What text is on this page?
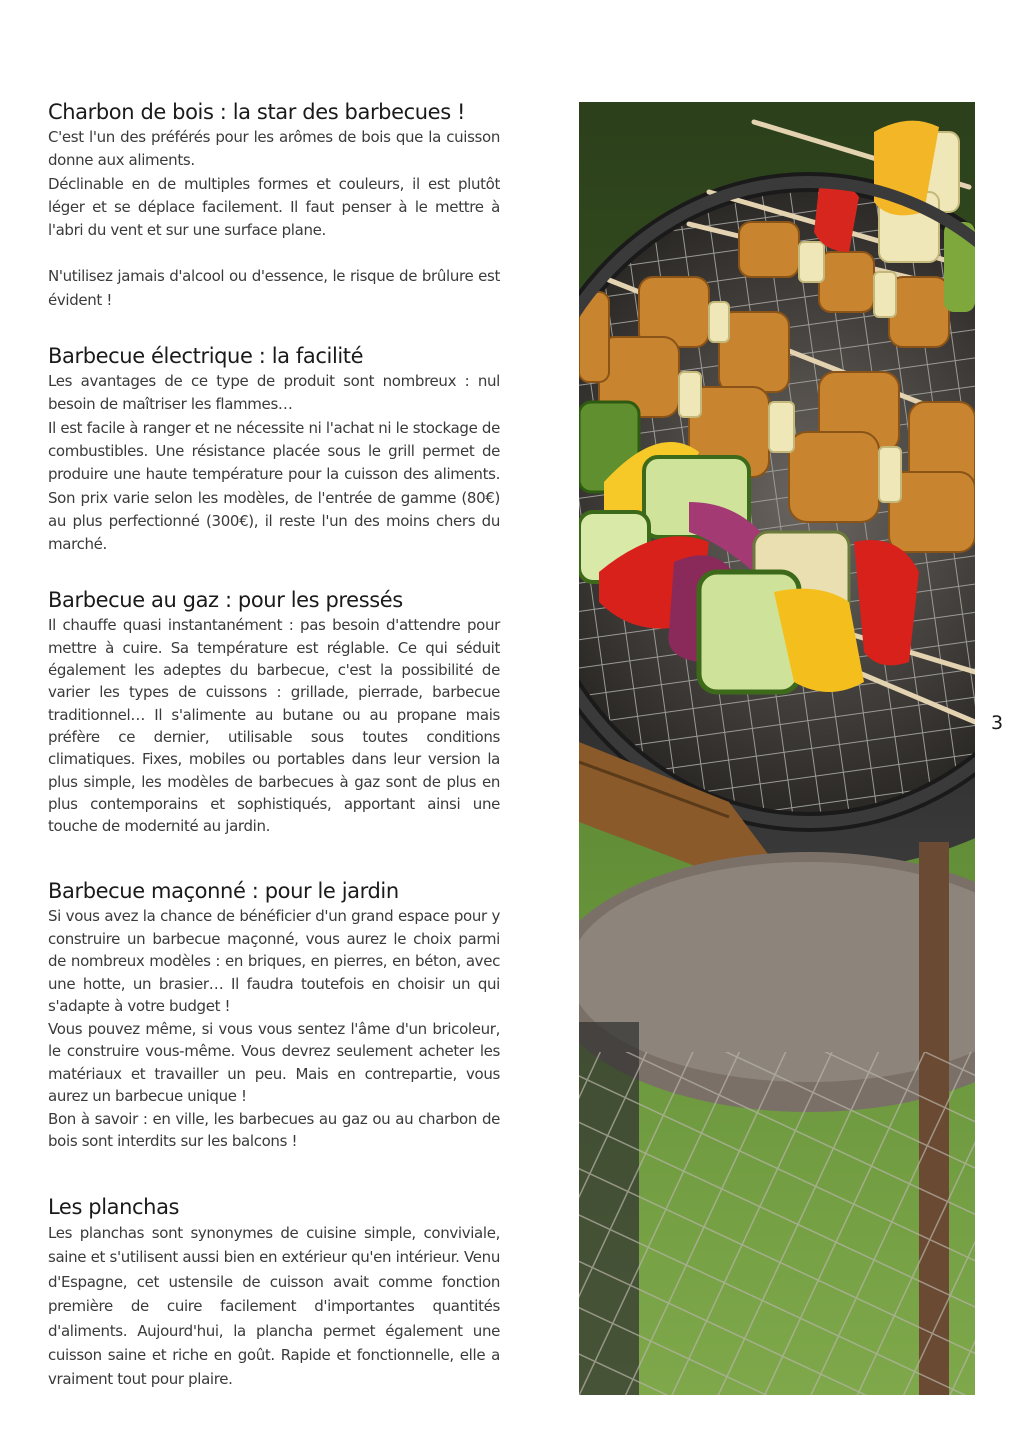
Charbon de bois : la star des barbecues !

C'est l'un des préférés pour les arômes de bois que la cuisson donne aux aliments.

Déclinable en de multiples formes et couleurs, il est plutôt léger et se déplace facilement. Il faut penser à le mettre à l'abri du vent et sur une surface plane.

N'utilisez jamais d'alcool ou d'essence, le risque de brûlure est évident !

Barbecue électrique : la facilité

Les avantages de ce type de produit sont nombreux : nul besoin de maîtriser les flammes…

Il est facile à ranger et ne nécessite ni l'achat ni le stockage de combustibles. Une résistance placée sous le grill permet de produire une haute température pour la cuisson des aliments. Son prix varie selon les modèles, de l'entrée de gamme (80€) au plus perfectionné (300€), il reste l'un des moins chers du marché.

Barbecue au gaz : pour les pressés

Il chauffe quasi instantanément : pas besoin d'attendre pour mettre à cuire. Sa température est réglable. Ce qui séduit également les adeptes du barbecue, c'est la possibilité de varier les types de cuissons : grillade, pierrade, barbecue traditionnel… Il s'alimente au butane ou au propane mais préfère ce dernier, utilisable sous toutes conditions climatiques. Fixes, mobiles ou portables dans leur version la plus simple, les modèles de barbecues à gaz sont de plus en plus contemporains et sophistiqués, apportant ainsi une touche de modernité au jardin.

Barbecue maçonné : pour le jardin

Si vous avez la chance de bénéficier d'un grand espace pour y construire un barbecue maçonné, vous aurez le choix parmi de nombreux modèles : en briques, en pierres, en béton, avec une hotte, un brasier… Il faudra toutefois en choisir un qui s'adapte à votre budget !

Vous pouvez même, si vous vous sentez l'âme d'un bricoleur, le construire vous-même. Vous devrez seulement acheter les matériaux et travailler un peu. Mais en contrepartie, vous aurez un barbecue unique !

Bon à savoir : en ville, les barbecues au gaz ou au charbon de bois sont interdits sur les balcons !

Les planchas

Les planchas sont synonymes de cuisine simple, conviviale, saine et s'utilisent aussi bien en extérieur qu'en intérieur. Venu d'Espagne, cet ustensile de cuisson avait comme fonction première de cuire facilement d'importantes quantités d'aliments. Aujourd'hui, la plancha permet également une cuisson saine et riche en goût. Rapide et fonctionnelle, elle a vraiment tout pour plaire.

3
